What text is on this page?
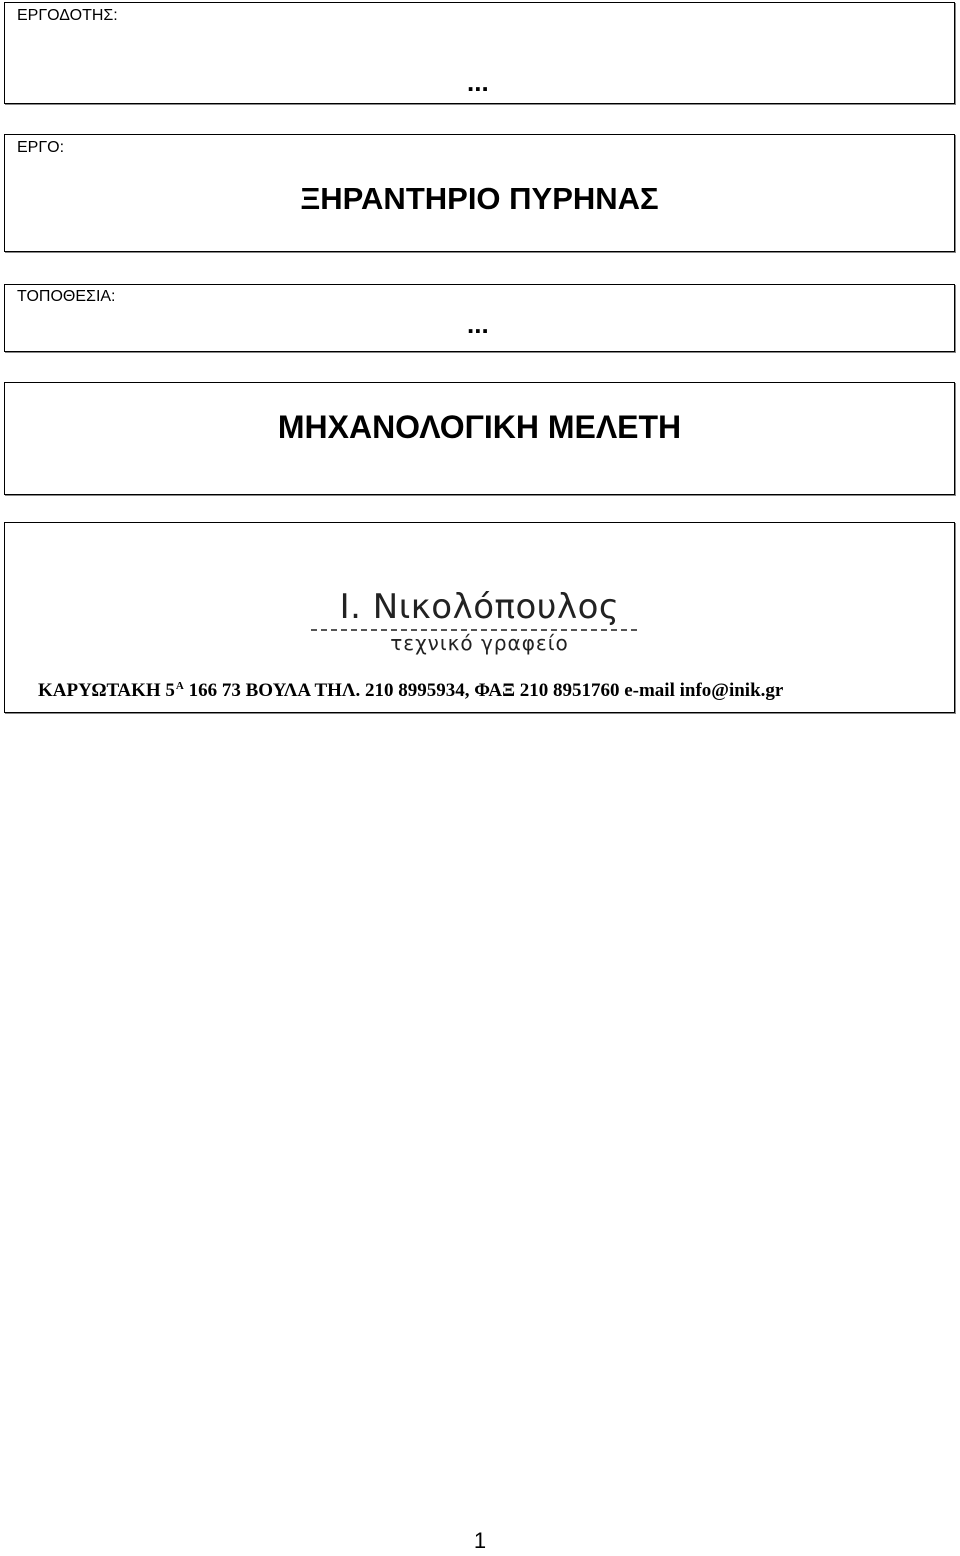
ΕΡΓΟΔΟΤΗΣ:
...
ΕΡΓΟ:
ΞΗΡΑΝΤΗΡΙΟ ΠΥΡΗΝΑΣ
ΤΟΠΟΘΕΣΙΑ:
...
ΜΗΧΑΝΟΛΟΓΙΚΗ ΜΕΛΕΤΗ
Ι. Νικολόπουλος
τεχνικό γραφείο
ΚΑΡΥΩΤΑΚΗ $5^A$ 166 73 ΒΟΥΛΑ ΤΗΛ. 210 8995934, ΦΑΞ 210 8951760 e-mail info@inik.gr
1
